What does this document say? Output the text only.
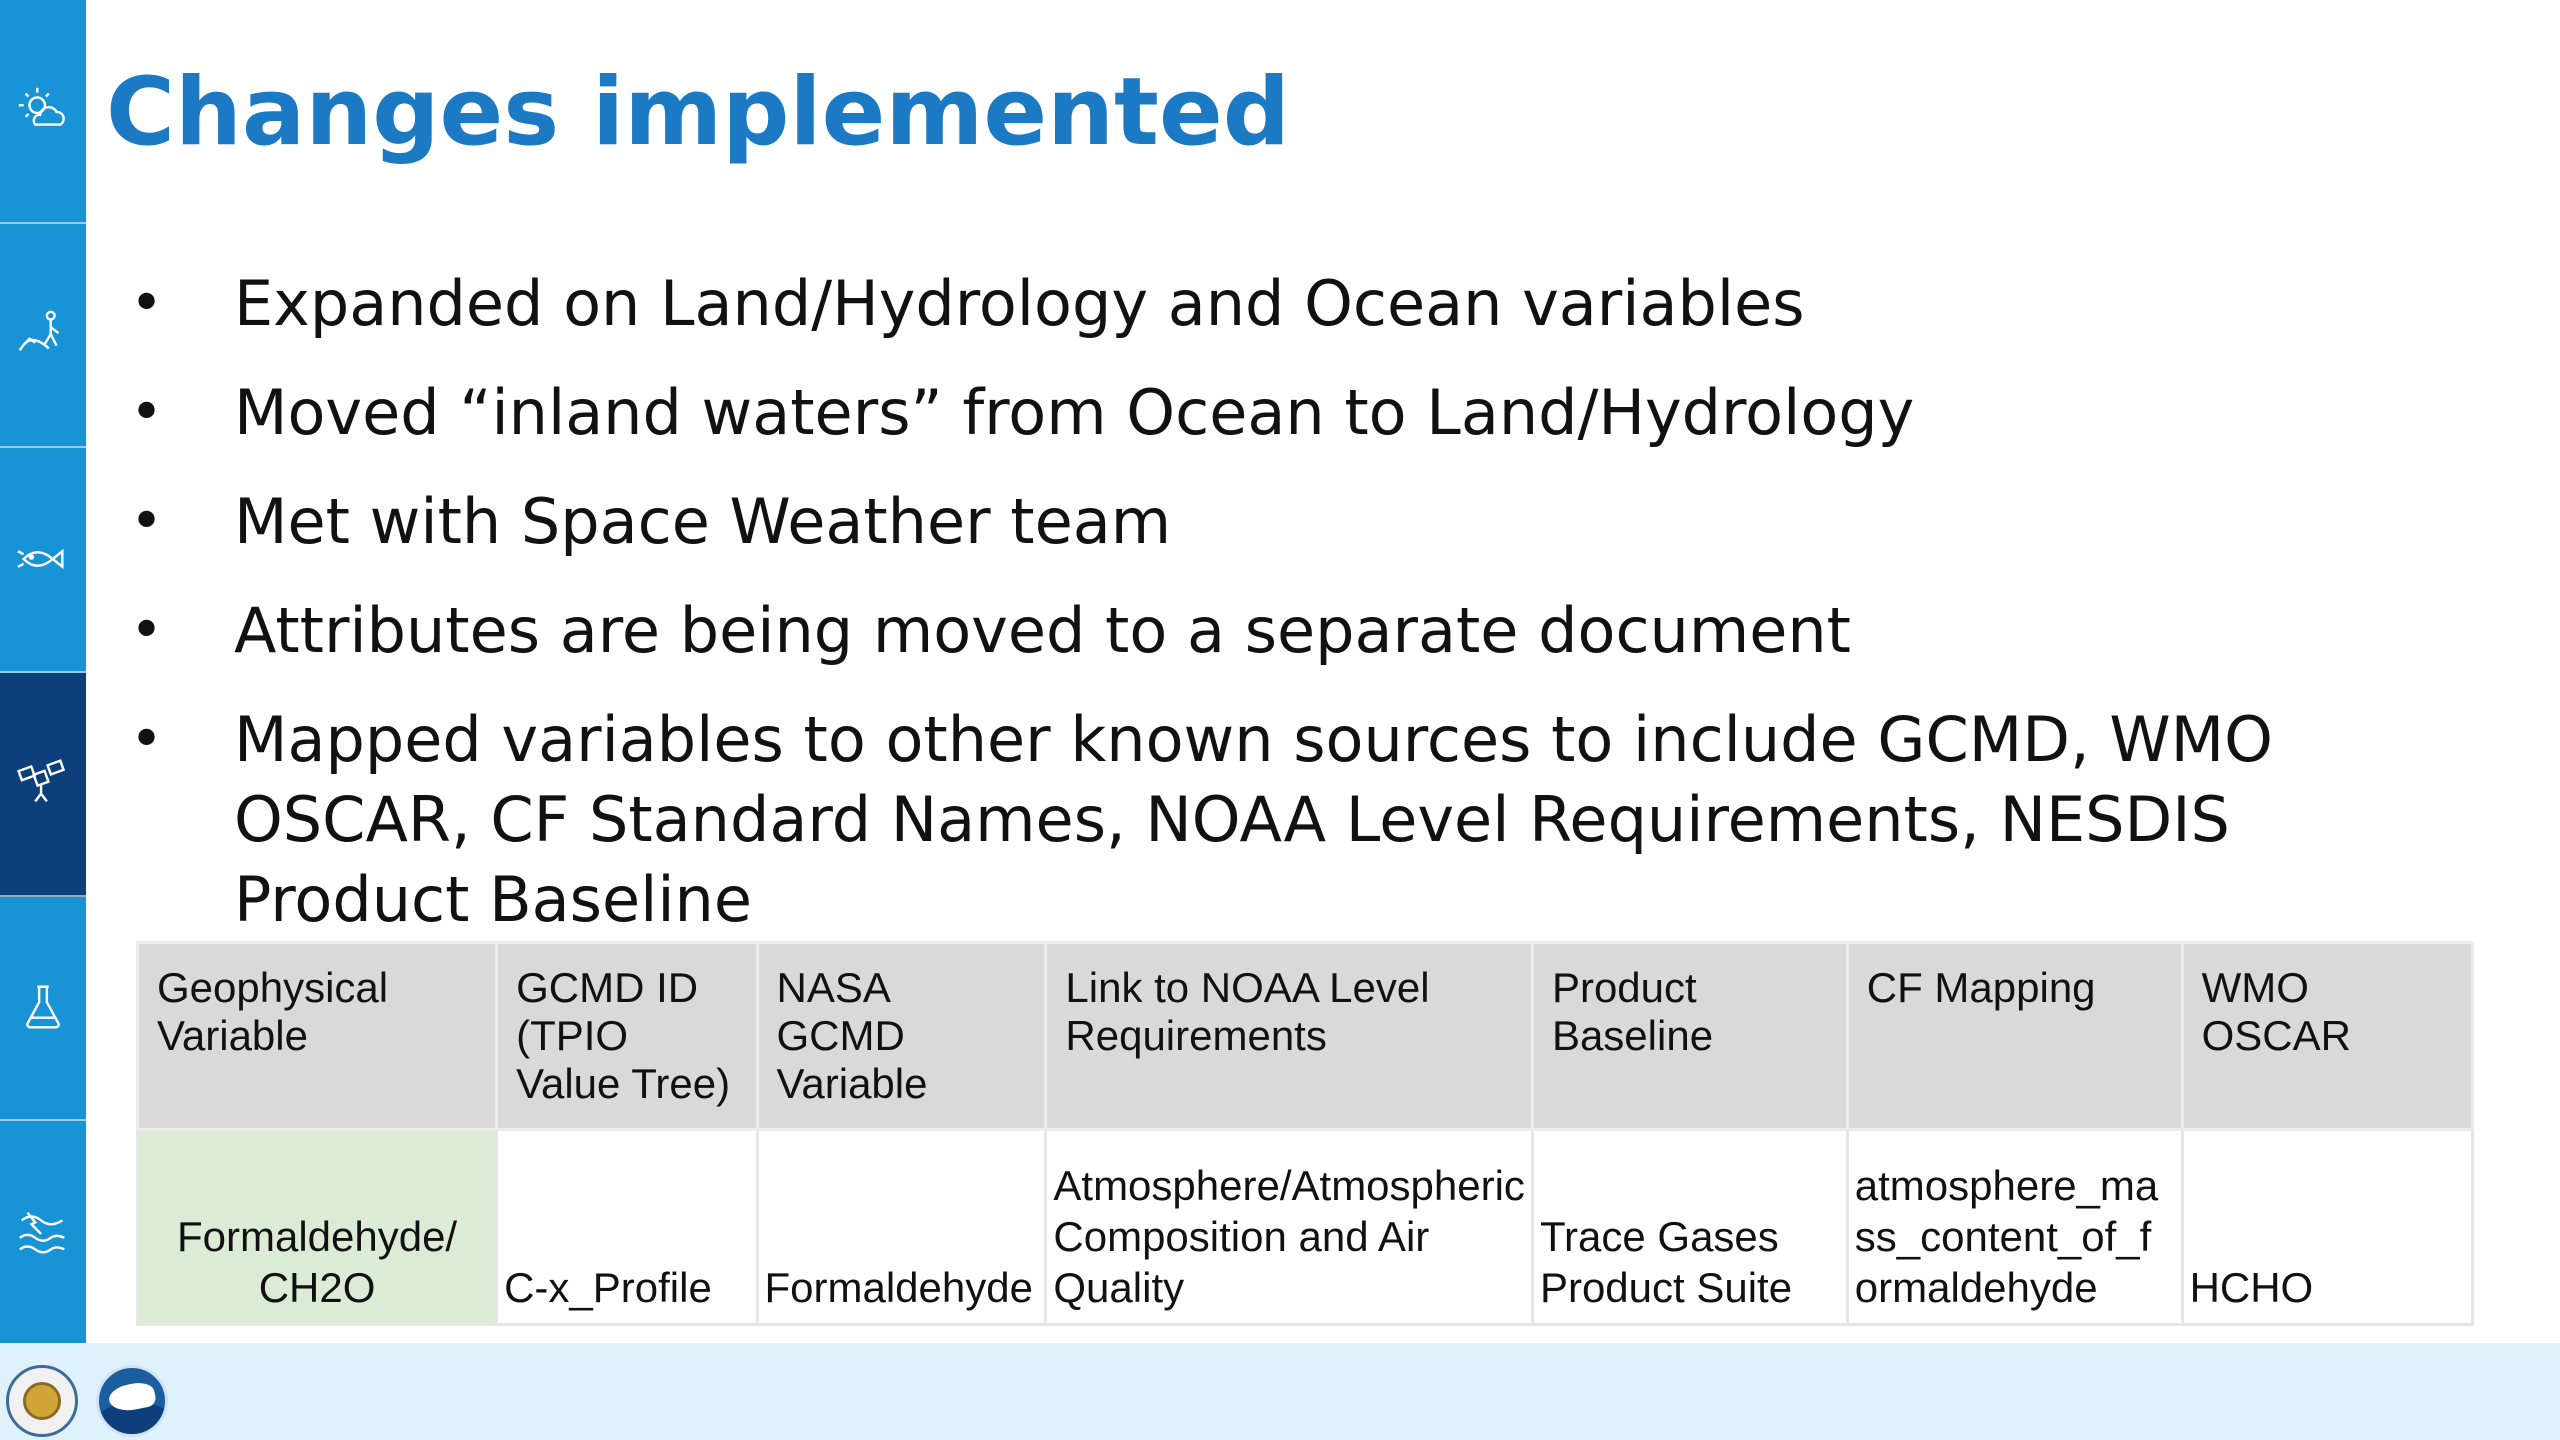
Changes implemented
• Expanded on Land/Hydrology and Ocean variables
• Moved “inland waters” from Ocean to Land/Hydrology
• Met with Space Weather team
• Attributes are being moved to a separate document
• Mapped variables to other known sources to include GCMD, WMO OSCAR, CF Standard Names, NOAA Level Requirements, NESDIS Product Baseline
Geophysical Variable	GCMD ID (TPIO Value Tree)	NASA GCMD Variable	Link to NOAA Level Requirements	Product Baseline	CF Mapping	WMO OSCAR
Formaldehyde/ CH2O	C-x_Profile	Formaldehyde	Atmosphere/Atmospheric Composition and Air Quality	Trace Gases Product Suite	atmosphere_mass_content_of_formaldehyde	HCHO
